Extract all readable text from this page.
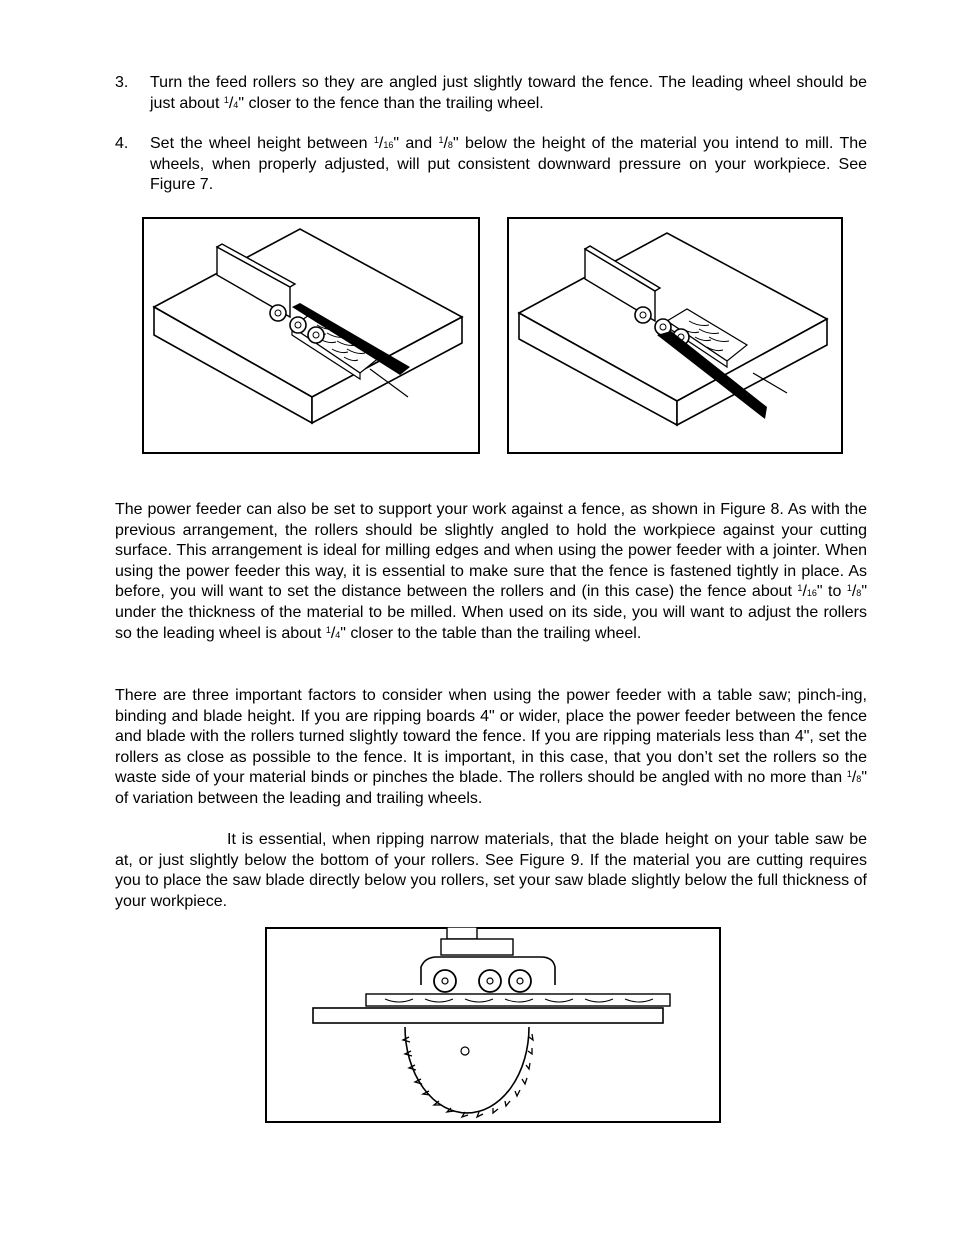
3. Turn the feed rollers so they are angled just slightly toward the fence. The leading wheel should be just about $^1$/4" closer to the fence than the trailing wheel.
4. Set the wheel height between $^1$/16" and $^1$/8" below the height of the material you intend to mill. The wheels, when properly adjusted, will put consistent downward pressure on your workpiece. See Figure 7.
The power feeder can also be set to support your work against a fence, as shown in Figure 8. As with the previous arrangement, the rollers should be slightly angled to hold the workpiece against your cutting surface. This arrangement is ideal for milling edges and when using the power feeder with a jointer. When using the power feeder this way, it is essential to make sure that the fence is fastened tightly in place. As before, you will want to set the distance between the rollers and (in this case) the fence about $^1$/16" to $^1$/8" under the thickness of the material to be milled. When used on its side, you will want to adjust the rollers so the leading wheel is about $^1$/4" closer to the table than the trailing wheel.
There are three important factors to consider when using the power feeder with a table saw; pinch-ing, binding and blade height. If you are ripping boards 4" or wider, place the power feeder between the fence and blade with the rollers turned slightly toward the fence. If you are ripping materials less than 4", set the rollers as close as possible to the fence. It is important, in this case, that you don’t set the rollers so the waste side of your material binds or pinches the blade. The rollers should be angled with no more than $^1$/8" of variation between the leading and trailing wheels.
It is essential, when ripping narrow materials, that the blade height on your table saw be at, or just slightly below the bottom of your rollers. See Figure 9. If the material you are cutting requires you to place the saw blade directly below you rollers, set your saw blade slightly below the full thickness of your workpiece.
